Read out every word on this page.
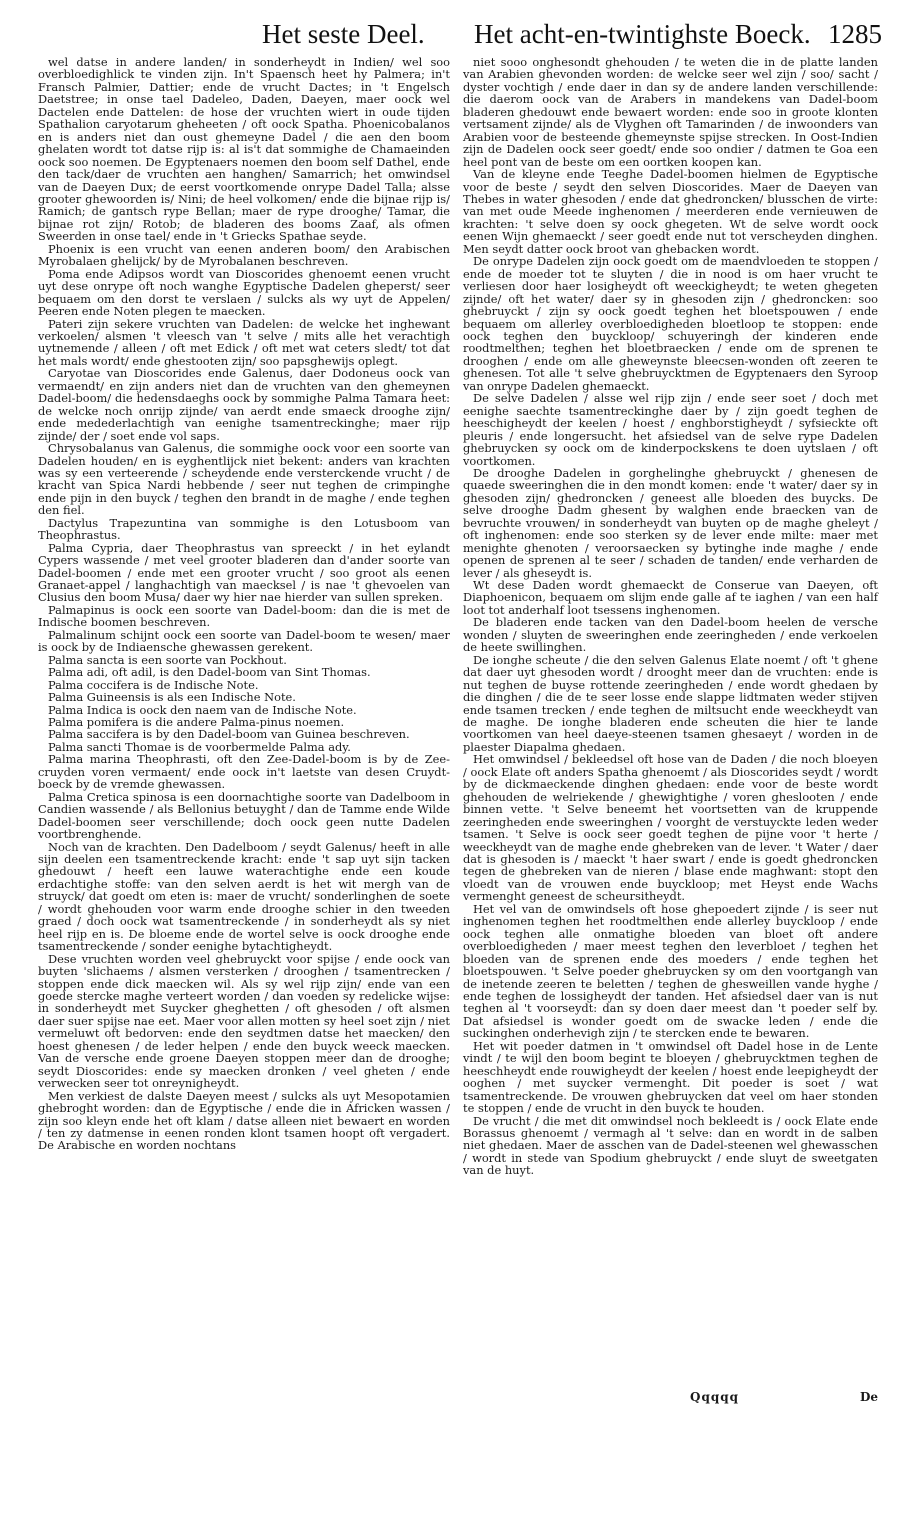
Het seste Deel. Het acht-en-twintighste Boeck. 1285

wel datse in andere landen/ in sonderheydt in Indien/ wel soo overbloedighlick te vinden zijn. In't Spaensch heet hy Palmera; in't Fransch Palmier, Dattier; ende de vrucht Dactes; in 't Engelsch Daetstree; in onse tael Dadeleo, Daden, Daeyen, maer oock wel Dactelen ende Dattelen: de hose der vruchten wiert in oude tijden Spathalion caryotarum gheheeten / oft oock Spatha. Phoenicobalanos en is anders niet dan oust ghemeyne Dadel / die aen den boom ghelaten wordt tot datse rijp is: al is't dat sommighe de Chamaeinden oock soo noemen. De Egyptenaers noemen den boom self Dathel, ende den tack/daer de vruchten aen hanghen/ Samarrich; het omwindsel van de Daeyen Dux; de eerst voortkomende onrype Dadel Talla; alsse grooter ghewoorden is/ Nini; de heel volkomen/ ende die bijnae rijp is/ Ramich; de gantsch rype Bellan; maer de rype drooghe/ Tamar, die bijnae rot zijn/ Rotob; de bladeren des booms Zaaf, als ofmen Sweerden in onse tael/ ende in 't Griecks Spathae seyde.

Phoenix is een vrucht van eenen anderen boom/ den Arabischen Myrobalaen ghelijck/ by de Myrobalanen beschreven.

Poma ende Adipsos wordt van Dioscorides ghenoemt eenen vrucht uyt dese onrype oft noch wanghe Egyptische Dadelen gheperst/ seer bequaem om den dorst te verslaen / sulcks als wy uyt de Appelen/ Peeren ende Noten plegen te maecken.

Pateri zijn sekere vruchten van Dadelen: de welcke het inghewant verkoelen/ alsmen 't vleesch van 't selve / mits alle het verachtigh uytnemende / alleen / oft met Edick / oft met wat ceters sledt/ tot dat het mals wordt/ ende ghestooten zijn/ soo papsghewijs oplegt.

Caryotae van Dioscorides ende Galenus, daer Dodoneus oock van vermaendt/ en zijn anders niet dan de vruchten van den ghemeynen Dadel-boom/ die hedensdaeghs oock by sommighe Palma Tamara heet: de welcke noch onrijp zijnde/ van aerdt ende smaeck drooghe zijn/ ende medederlachtigh van eenighe tsamentreckinghe; maer rijp zijnde/ der / soet ende vol saps.

Chrysobalanus van Galenus, die sommighe oock voor een soorte van Dadelen houden/ en is eyghentlijck niet bekent: anders van krachten was sy een verteerende / scheydende ende versterckende vrucht / de kracht van Spica Nardi hebbende / seer nut teghen de crimpinghe ende pijn in den buyck / teghen den brandt in de maghe / ende teghen den fiel.

Dactylus Trapezuntina van sommighe is den Lotusboom van Theophrastus.

Palma Cypria, daer Theophrastus van spreeckt / in het eylandt Cypers wassende / met veel grooter bladeren dan d'ander soorte van Dadel-boomen / ende met een grooter vrucht / soo groot als eenen Granaet-appel / langhachtigh van maecksel / is nae 't ghevoelen van Clusius den boom Musa/ daer wy hier nae hierder van sullen spreken.

Palmapinus is oock een soorte van Dadel-boom: dan die is met de Indische boomen beschreven.

Palmalinum schijnt oock een soorte van Dadel-boom te wesen/ maer is oock by de Indiaensche ghewassen gerekent.

Palma sancta is een soorte van Pockhout.

Palma adi, oft adil, is den Dadel-boom van Sint Thomas.

Palma coccifera is de Indische Note.

Palma Guineensis is als een Indische Note.

Palma Indica is oock den naem van de Indische Note.

Palma pomifera is die andere Palma-pinus noemen.

Palma saccifera is by den Dadel-boom van Guinea beschreven.

Palma sancti Thomae is de voorbermelde Palma ady.

Palma marina Theophrasti, oft den Zee-Dadel-boom is by de Zee-cruyden voren vermaent/ ende oock in't laetste van desen Cruydt-boeck by de vremde ghewassen.

Palma Cretica spinosa is een doornachtighe soorte van Dadelboom in Candien wassende / als Bellonius betuyght / dan de Tamme ende Wilde Dadel-boomen seer verschillende; doch oock geen nutte Dadelen voortbrenghende.

Noch van de krachten. Den Dadelboom / seydt Galenus/ heeft in alle sijn deelen een tsamentreckende kracht: ende 't sap uyt sijn tacken ghedouwt / heeft een lauwe waterachtighe ende een koude erdachtighe stoffe: van den selven aerdt is het wit mergh van de struyck/ dat goedt om eten is: maer de vrucht/ sonderlinghen de soete / wordt ghehouden voor warm ende drooghe schier in den tweeden graed / doch oock wat tsamentreckende / in sonderheydt als sy niet heel rijp en is. De bloeme ende de wortel selve is oock drooghe ende tsamentreckende / sonder eenighe bytachtigheydt.

Dese vruchten worden veel ghebruyckt voor spijse / ende oock van buyten 'slichaems / alsmen versterken / drooghen / tsamentrecken / stoppen ende dick maecken wil. Als sy wel rijp zijn/ ende van een goede stercke maghe verteert worden / dan voeden sy redelicke wijse: in sonderheydt met Suycker gheghetten / oft ghesoden / oft alsmen daer suer spijse nae eet. Maer voor allen motten sy heel soet zijn / niet vermeluwt oft bedorven: ende den seydtmen datse het maecken/ den hoest ghenesen / de leder helpen / ende den buyck weeck maecken. Van de versche ende groene Daeyen stoppen meer dan de drooghe; seydt Dioscorides: ende sy maecken dronken / veel gheten / ende verwecken seer tot onreynigheydt.

Men verkiest de dalste Daeyen meest / sulcks als uyt Mesopotamien ghebroght worden: dan de Egyptische / ende die in Africken wassen / zijn soo kleyn ende het oft klam / datse alleen niet bewaert en worden / ten zy datmense in eenen ronden klont tsamen hoopt oft vergadert. De Arabische en worden nochtans

niet sooo onghesondt ghehouden / te weten die in de platte landen van Arabien ghevonden worden: de welcke seer wel zijn / soo/ sacht / dyster vochtigh / ende daer in dan sy de andere landen verschillende: die daerom oock van de Arabers in mandekens van Dadel-boom bladeren ghedouwt ende bewaert worden: ende soo in groote klonten vertsament zijnde/ als de Vlyghen oft Tamarinden / de inwoonders van Arabien voor de besteende ghemeynste spijse strecken. In Oost-Indien zijn de Dadelen oock seer goedt/ ende soo ondier / datmen te Goa een heel pont van de beste om een oortken koopen kan.

Van de kleyne ende Teeghe Dadel-boomen hielmen de Egyptische voor de beste / seydt den selven Dioscorides. Maer de Daeyen van Thebes in water ghesoden / ende dat ghedroncken/ blusschen de virte: van met oude Meede inghenomen / meerderen ende vernieuwen de krachten: 't selve doen sy oock ghegeten. Wt de selve wordt oock eenen Wijn ghemaeckt / seer goedt ende nut tot verscheyden dinghen. Men seydt datter oock broot van ghebacken wordt.

De onrype Dadelen zijn oock goedt om de maendvloeden te stoppen / ende de moeder tot te sluyten / die in nood is om haer vrucht te verliesen door haer losigheydt oft weeckigheydt; te weten ghegeten zijnde/ oft het water/ daer sy in ghesoden zijn / ghedroncken: soo ghebruyckt / zijn sy oock goedt teghen het bloetspouwen / ende bequaem om allerley overbloedigheden bloetloop te stoppen: ende oock teghen den buyckloop/ schuyeringh der kinderen ende roodtmelthen; teghen het bloetbraecken / ende om de sprenen te drooghen / ende om alle gheweynste bleecsen-wonden oft zeeren te ghenesen. Tot alle 't selve ghebruycktmen de Egyptenaers den Syroop van onrype Dadelen ghemaeckt.

De selve Dadelen / alsse wel rijp zijn / ende seer soet / doch met eenighe saechte tsamentreckinghe daer by / zijn goedt teghen de heeschigheydt der keelen / hoest / enghborstigheydt / syfsieckte oft pleuris / ende longersucht. het afsiedsel van de selve rype Dadelen ghebruycken sy oock om de kinderpockskens te doen uytslaen / oft voortkomen.

De drooghe Dadelen in gorghelinghe ghebruyckt / ghenesen de quaede sweeringhen die in den mondt komen: ende 't water/ daer sy in ghesoden zijn/ ghedroncken / geneest alle bloeden des buycks. De selve drooghe Dadm ghesent by walghen ende braecken van de bevruchte vrouwen/ in sonderheydt van buyten op de maghe gheleyt / oft inghenomen: ende soo sterken sy de lever ende milte: maer met menighte ghenoten / veroorsaecken sy bytinghe inde maghe / ende openen de sprenen al te seer / schaden de tanden/ ende verharden de lever / als gheseydt is.

Wt dese Daden wordt ghemaeckt de Conserue van Daeyen, oft Diaphoenicon, bequaem om slijm ende galle af te iaghen / van een half loot tot anderhalf loot tsessens inghenomen.

De bladeren ende tacken van den Dadel-boom heelen de versche wonden / sluyten de sweeringhen ende zeeringheden / ende verkoelen de heete swillinghen.

De ionghe scheute / die den selven Galenus Elate noemt / oft 't ghene dat daer uyt ghesoden wordt / drooght meer dan de vruchten: ende is nut teghen de buyse rottende zeeringheden / ende wordt ghedaen by die dinghen / die de te seer losse ende slappe lidtmaten weder stijven ende tsamen trecken / ende teghen de miltsucht ende weeckheydt van de maghe. De ionghe bladeren ende scheuten die hier te lande voortkomen van heel daeye-steenen tsamen ghesaeyt / worden in de plaester Diapalma ghedaen.

Het omwindsel / bekleedsel oft hose van de Daden / die noch bloeyen / oock Elate oft anders Spatha ghenoemt / als Dioscorides seydt / wordt by de dickmaeckende dinghen ghedaen: ende voor de beste wordt ghehouden de welriekende / ghewightighe / voren gheslooten / ende binnen vette. 't Selve beneemt het voortsetten van de kruppende zeeringheden ende sweeringhen / voorght de verstuyckte leden weder tsamen. 't Selve is oock seer goedt teghen de pijne voor 't herte / weeckheydt van de maghe ende ghebreken van de lever. 't Water / daer dat is ghesoden is / maeckt 't haer swart / ende is goedt ghedroncken tegen de ghebreken van de nieren / blase ende maghwant: stopt den vloedt van de vrouwen ende buyckloop; met Heyst ende Wachs vermenght geneest de scheursitheydt.

Het vel van de omwindsels oft hose ghepoedert zijnde / is seer nut inghenomen teghen het roodtmelthen ende allerley buyckloop / ende oock teghen alle onmatighe bloeden van bloet oft andere overbloedigheden / maer meest teghen den leverbloet / teghen het bloeden van de sprenen ende des moeders / ende teghen het bloetspouwen. 't Selve poeder ghebruycken sy om den voortgangh van de inetende zeeren te beletten / teghen de ghesweillen vande hyghe / ende teghen de lossigheydt der tanden. Het afsiedsel daer van is nut teghen al 't voorseydt: dan sy doen daer meest dan 't poeder self by. Dat afsiedsel is wonder goedt om de swacke leden / ende die suckinghen onderhevigh zijn / te stercken ende te bewaren.

Het wit poeder datmen in 't omwindsel oft Dadel hose in de Lente vindt / te wijl den boom begint te bloeyen / ghebruycktmen teghen de heeschheydt ende rouwigheydt der keelen / hoest ende leepigheydt der ooghen / met suycker vermenght. Dit poeder is soet / wat tsamentreckende. De vrouwen ghebruycken dat veel om haer stonden te stoppen / ende de vrucht in den buyck te houden.

De vrucht / die met dit omwindsel noch bekleedt is / oock Elate ende Borassus ghenoemt / vermagh al 't selve: dan en wordt in de salben niet ghedaen. Maer de asschen van de Dadel-steenen wel ghewasschen / wordt in stede van Spodium ghebruyckt / ende sluyt de sweetgaten van de huyt.

Qqqqq	De
